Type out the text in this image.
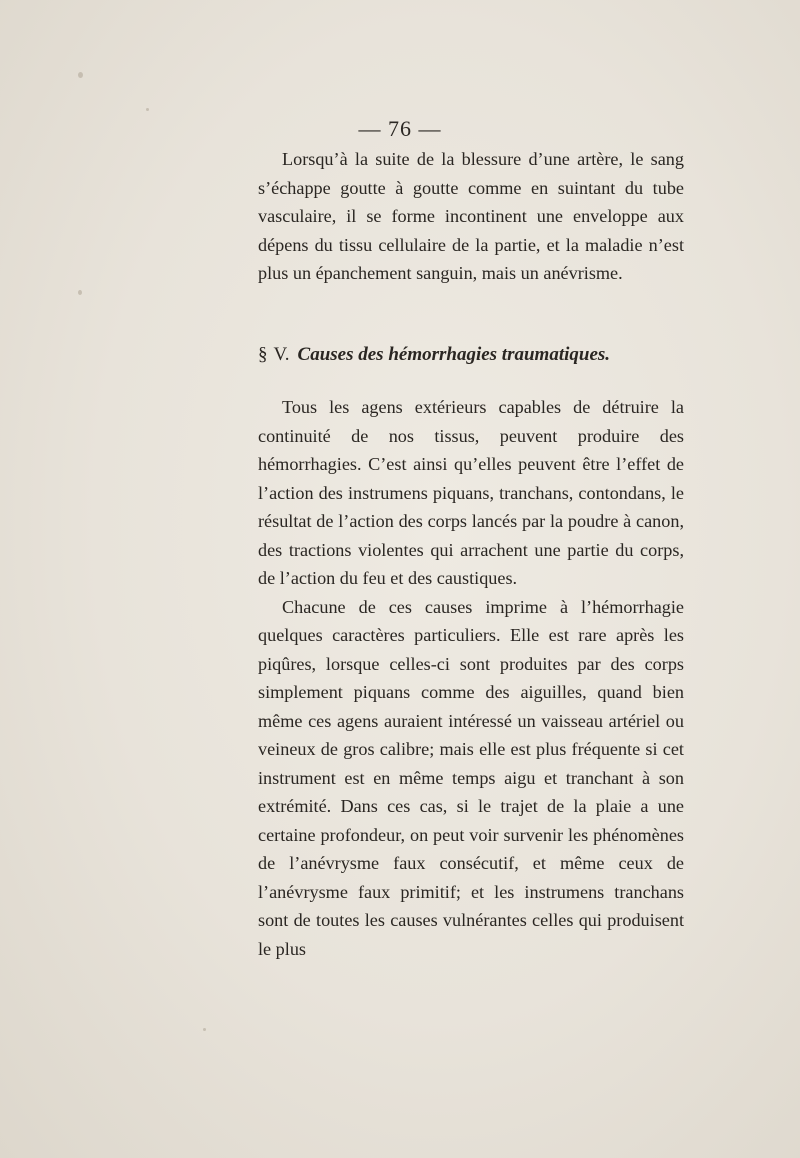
— 76 —

Lorsqu’à la suite de la blessure d’une artère, le sang s’échappe goutte à goutte comme en suintant du tube vasculaire, il se forme incontinent une enveloppe aux dépens du tissu cellulaire de la partie, et la maladie n’est plus un épanchement sanguin, mais un anévrisme.

§ V. Causes des hémorrhagies traumatiques.

Tous les agens extérieurs capables de détruire la continuité de nos tissus, peuvent produire des hémorrhagies. C’est ainsi qu’elles peuvent être l’effet de l’action des instrumens piquans, tranchans, contondans, le résultat de l’action des corps lancés par la poudre à canon, des tractions violentes qui arrachent une partie du corps, de l’action du feu et des caustiques.

Chacune de ces causes imprime à l’hémorrhagie quelques caractères particuliers. Elle est rare après les piqûres, lorsque celles-ci sont produites par des corps simplement piquans comme des aiguilles, quand bien même ces agens auraient intéressé un vaisseau artériel ou veineux de gros calibre; mais elle est plus fréquente si cet instrument est en même temps aigu et tranchant à son extrémité. Dans ces cas, si le trajet de la plaie a une certaine profondeur, on peut voir survenir les phénomènes de l’anévrysme faux consécutif, et même ceux de l’anévrysme faux primitif; et les instrumens tranchans sont de toutes les causes vulnérantes celles qui produisent le plus
